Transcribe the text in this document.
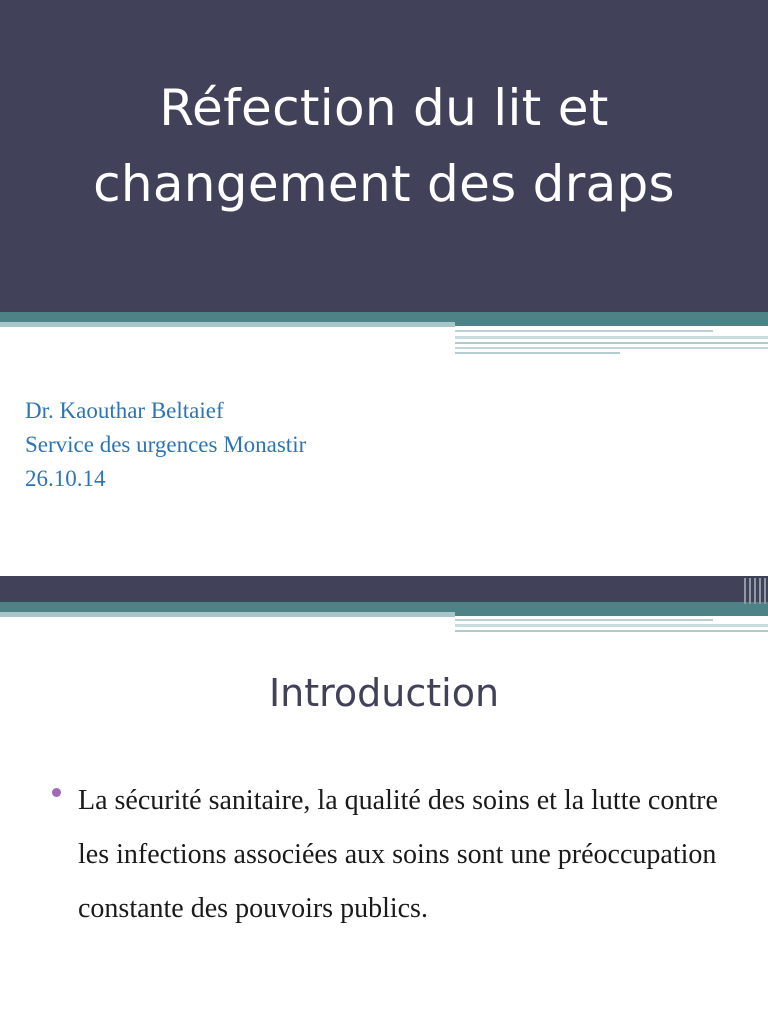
Réfection du lit et
changement des draps
Dr. Kaouthar Beltaief
Service des urgences Monastir
26.10.14
Introduction
La sécurité sanitaire, la qualité des soins et la lutte contre les infections associées aux soins sont une préoccupation constante des pouvoirs publics.
